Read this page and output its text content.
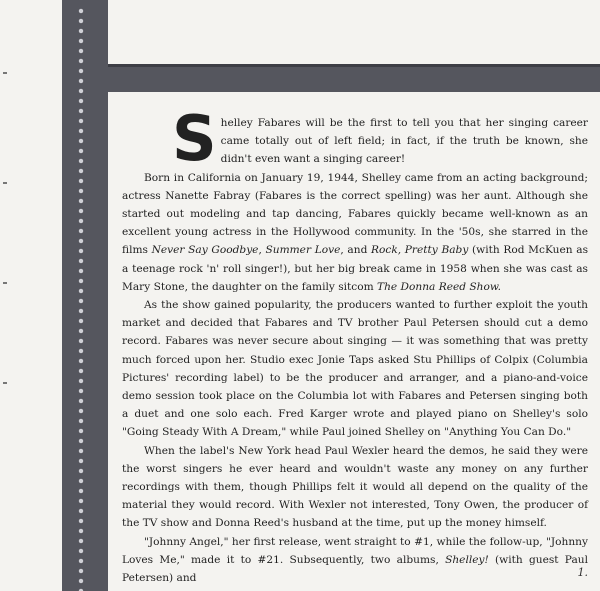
S helley Fabares will be the first to tell you that her singing career came totally out of left field; in fact, if the truth be known, she didn't even want a singing career!

Born in California on January 19, 1944, Shelley came from an acting background; actress Nanette Fabray (Fabares is the correct spelling) was her aunt. Although she started out modeling and tap dancing, Fabares quickly became well-known as an excellent young actress in the Hollywood community. In the '50s, she starred in the films Never Say Goodbye, Summer Love, and Rock, Pretty Baby (with Rod McKuen as a teenage rock 'n' roll singer!), but her big break came in 1958 when she was cast as Mary Stone, the daughter on the family sitcom The Donna Reed Show.

As the show gained popularity, the producers wanted to further exploit the youth market and decided that Fabares and TV brother Paul Petersen should cut a demo record. Fabares was never secure about singing — it was something that was pretty much forced upon her. Studio exec Jonie Taps asked Stu Phillips of Colpix (Columbia Pictures' recording label) to be the producer and arranger, and a piano-and-voice demo session took place on the Columbia lot with Fabares and Petersen singing both a duet and one solo each. Fred Karger wrote and played piano on Shelley's solo "Going Steady With A Dream," while Paul joined Shelley on "Anything You Can Do."

When the label's New York head Paul Wexler heard the demos, he said they were the worst singers he ever heard and wouldn't waste any money on any further recordings with them, though Phillips felt it would all depend on the quality of the material they would record. With Wexler not interested, Tony Owen, the producer of the TV show and Donna Reed's husband at the time, put up the money himself.

"Johnny Angel," her first release, went straight to #1, while the follow-up, "Johnny Loves Me," made it to #21. Subsequently, two albums, Shelley! (with guest Paul Petersen) and	1.
